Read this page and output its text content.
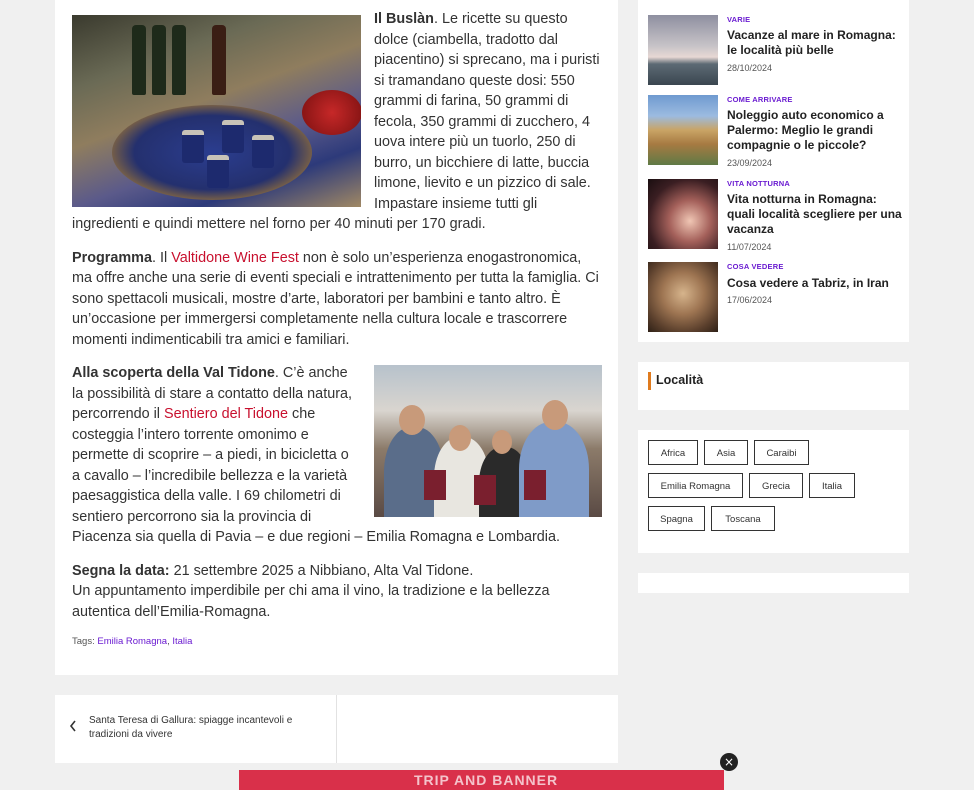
Il Buslàn. Le ricette su questo dolce (ciambella, tradotto dal piacentino) si sprecano, ma i puristi si tramandano queste dosi: 550 grammi di farina, 50 grammi di fecola, 350 grammi di zucchero, 4 uova intere più un tuorlo, 250 di burro, un bicchiere di latte, buccia limone, lievito e un pizzico di sale. Impastare insieme tutti gli ingredienti e quindi mettere nel forno per 40 minuti per 170 gradi.

Programma. Il Valtidone Wine Fest non è solo un’esperienza enogastronomica, ma offre anche una serie di eventi speciali e intrattenimento per tutta la famiglia. Ci sono spettacoli musicali, mostre d’arte, laboratori per bambini e tanto altro. È un’occasione per immergersi completamente nella cultura locale e trascorrere momenti indimenticabili tra amici e familiari.

Alla scoperta della Val Tidone. C’è anche la possibilità di stare a contatto della natura, percorrendo il Sentiero del Tidone che costeggia l’intero torrente omonimo e permette di scoprire – a piedi, in bicicletta o a cavallo – l’incredibile bellezza e la varietà paesaggistica della valle. I 69 chilometri di sentiero percorrono sia la provincia di Piacenza sia quella di Pavia – e due regioni – Emilia Romagna e Lombardia.

Segna la data: 21 settembre 2025 a Nibbiano, Alta Val Tidone.
Un appuntamento imperdibile per chi ama il vino, la tradizione e la bellezza autentica dell’Emilia-Romagna.

Tags: Emilia Romagna, Italia
Santa Teresa di Gallura: spiagge incantevoli e tradizioni da vivere
VARIE
Vacanze al mare in Romagna: le località più belle
28/10/2024
COME ARRIVARE
Noleggio auto economico a Palermo: Meglio le grandi compagnie o le piccole?
23/09/2024
VITA NOTTURNA
Vita notturna in Romagna: quali località scegliere per una vacanza
11/07/2024
COSA VEDERE
Cosa vedere a Tabriz, in Iran
17/06/2024
Località
Africa	Asia	Caraibi
Emilia Romagna	Grecia	Italia
Spagna	Toscana
TRIP AND BANNER
×
